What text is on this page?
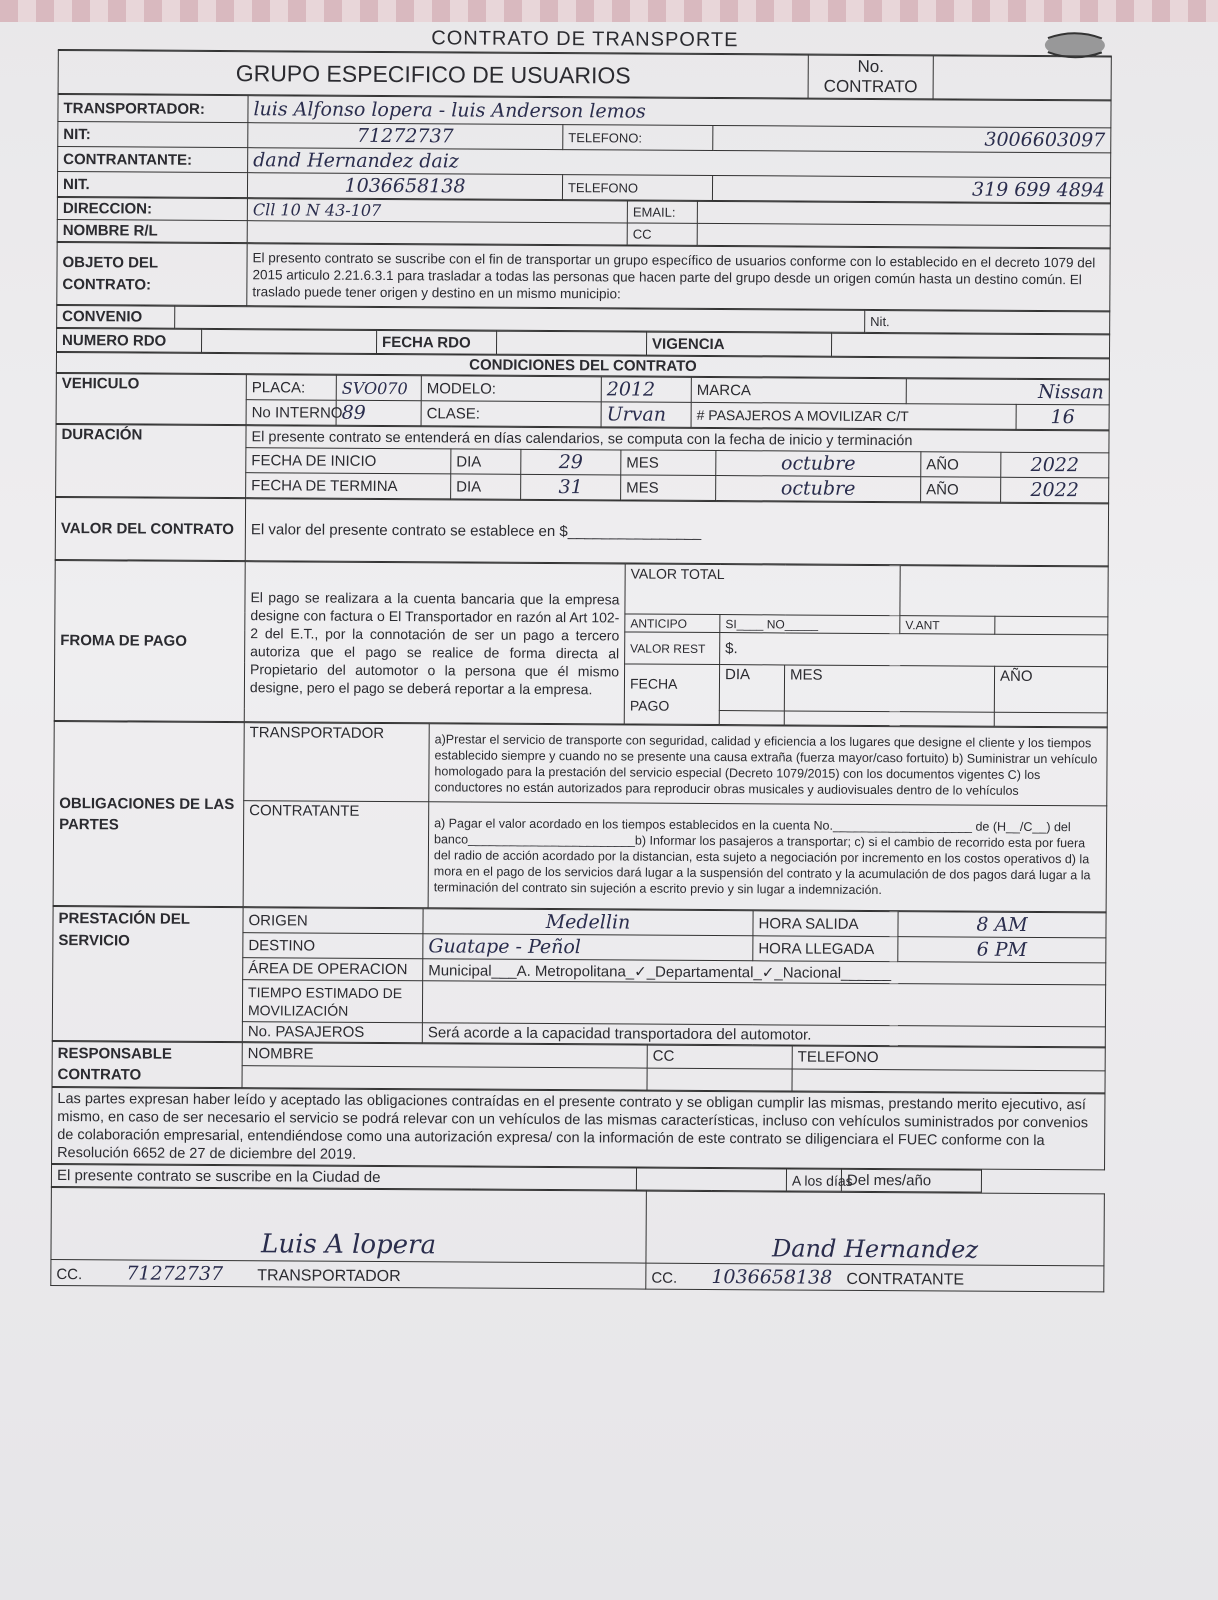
CONTRATO DE TRANSPORTE
GRUPO ESPECIFICO DE USUARIOS	No. CONTRATO	
TRANSPORTADOR:	luis Alfonso lopera - luis Anderson lemos		
NIT:	71272737	TELEFONO:	3006603097
CONTRANTANTE:	dand Hernandez daiz		
NIT.	1036658138	TELEFONO	319 699 4894
DIRECCION:	Cll 10 N 43-107	EMAIL:	
NOMBRE R/L		CC	
OBJETO DEL CONTRATO:	El presento contrato se suscribe con el fin de transportar un grupo específico de usuarios conforme con lo establecido en el decreto 1079 del 2015 articulo 2.21.6.3.1 para trasladar a todas las personas que hacen parte del grupo desde un origen común hasta un destino común. El traslado puede tener origen y destino en un mismo municipio:
CONVENIO		Nit.
NUMERO RDO		FECHA RDO		VIGENCIA	
CONDICIONES DEL CONTRATO
VEHICULO	PLACA:	SVO070	MODELO:	2012	MARCA	Nissan	
	No INTERNO	89	CLASE:	Urvan	# PASAJEROS A MOVILIZAR C/T		16
DURACIÓN	El presente contrato se entenderá en días calendarios, se computa con la fecha de inicio y terminación						
	FECHA DE INICIO	DIA	29	MES	octubre	AÑO	2022
	FECHA DE TERMINA	DIA	31	MES	octubre	AÑO	2022
VALOR DEL CONTRATO	El valor del presente contrato se establece en $________________
FROMA DE PAGO	El pago se realizara a la cuenta bancaria que la empresa designe con factura o El Transportador en razón al Art 102-2 del E.T., por la connotación de ser un pago a tercero autoriza que el pago se realice de forma directa al Propietario del automotor o la persona que él mismo designe, pero el pago se deberá reportar a la empresa.	VALOR TOTAL				
		ANTICIPO	SI____ NO_____		V.ANT	
		VALOR REST	$.			
		FECHA PAGO	DIA	MES		AÑO

OBLIGACIONES DE LAS PARTES	TRANSPORTADOR	a)Prestar el servicio de transporte con seguridad, calidad y eficiencia a los lugares que designe el cliente y los tiempos establecido siempre y cuando no se presente una causa extraña (fuerza mayor/caso fortuito) b) Suministrar un vehículo homologado para la prestación del servicio especial (Decreto 1079/2015) con los documentos vigentes C) los conductores no están autorizados para reproducir obras musicales y audiovisuales dentro de lo vehículos
	CONTRATANTE	a) Pagar el valor acordado en los tiempos establecidos en la cuenta No.____________________ de (H__/C__) del banco________________________b) Informar los pasajeros a transportar; c) si el cambio de recorrido esta por fuera del radio de acción acordado por la distancian, esta sujeto a negociación por incremento en los costos operativos d) la mora en el pago de los servicios dará lugar a la suspensión del contrato y la acumulación de dos pagos dará lugar a la terminación del contrato sin sujeción a escrito previo y sin lugar a indemnización.
PRESTACIÓN DEL SERVICIO	ORIGEN	Medellin	HORA SALIDA	8 AM
	DESTINO	Guatape - Peñol	HORA LLEGADA	6 PM
	ÁREA DE OPERACION	Municipal___A. Metropolitana_✓_Departamental_✓_Nacional______		
	TIEMPO ESTIMADO DE MOVILIZACIÓN			
	No. PASAJEROS	Será acorde a la capacidad transportadora del automotor.		
RESPONSABLE CONTRATO	NOMBRE	CC	TELEFONO

Las partes expresan haber leído y aceptado las obligaciones contraídas en el presente contrato y se obligan cumplir las mismas, prestando merito ejecutivo, así mismo, en caso de ser necesario el servicio se podrá relevar con un vehículos de las mismas características, incluso con vehículos suministrados por convenios de colaboración empresarial, entendiéndose como una autorización expresa/ con la información de este contrato se diligenciara el FUEC conforme con la Resolución 6652 de 27 de diciembre del 2019.
El presente contrato se suscribe en la Ciudad de		A los días	Del mes/año
Luis A lopera	Dand Hernandez
CC. 71272737 TRANSPORTADOR	CC. 1036658138 CONTRATANTE
